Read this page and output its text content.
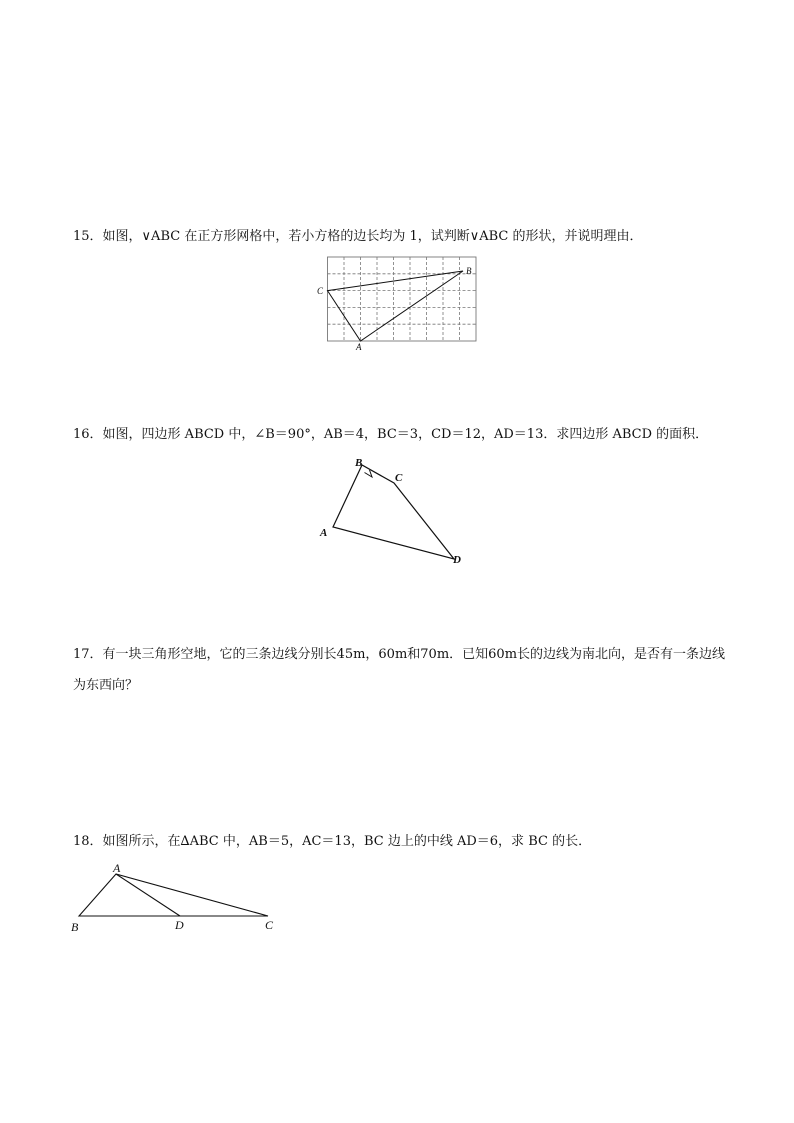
15．如图，∨ABC 在正方形网格中，若小方格的边长均为 1，试判断∨ABC 的形状，并说明理由．
C
B
A
16．如图，四边形 ABCD 中，∠B＝90°，AB＝4，BC＝3，CD＝12，AD＝13．求四边形 ABCD 的面积．
B
C
A
D
17．有一块三角形空地，它的三条边线分别长45m，60m和70m．已知60m长的边线为南北向，是否有一条边线为东西向？
18．如图所示，在∆ABC 中，AB＝5，AC＝13，BC 边上的中线 AD＝6，求 BC 的长．
A
B	D	C
